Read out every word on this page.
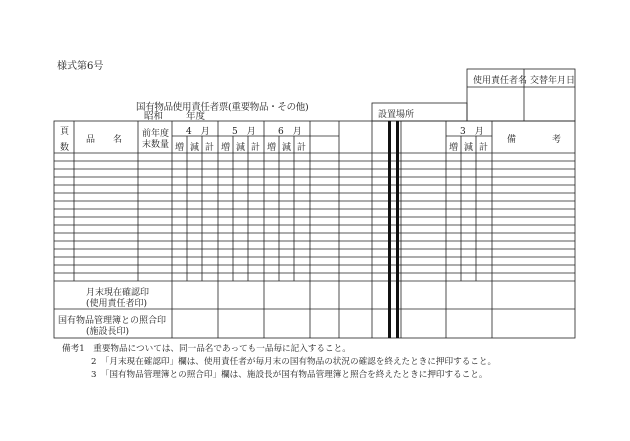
様式第6号
国有物品使用責任者票(重要物品・その他)
昭和 年度
使用責任者名 交替年月日
設置場所
頁
数
品　　名
前年度
末数量
4　月 5　月 6　月	3　月
増 減 計 増 減 計 増 減 計	増 減 計
備　　　　考
月末現在確認印
(使用責任者印)
国有物品管理簿との照合印
(施設長印)
備考1　重要物品については、同一品名であっても一品毎に記入すること。
2　「月末現在確認印」欄は、使用責任者が毎月末の国有物品の状況の確認を終えたときに押印すること。
3　「国有物品管理簿との照合印」欄は、施設長が国有物品管理簿と照合を終えたときに押印すること。
